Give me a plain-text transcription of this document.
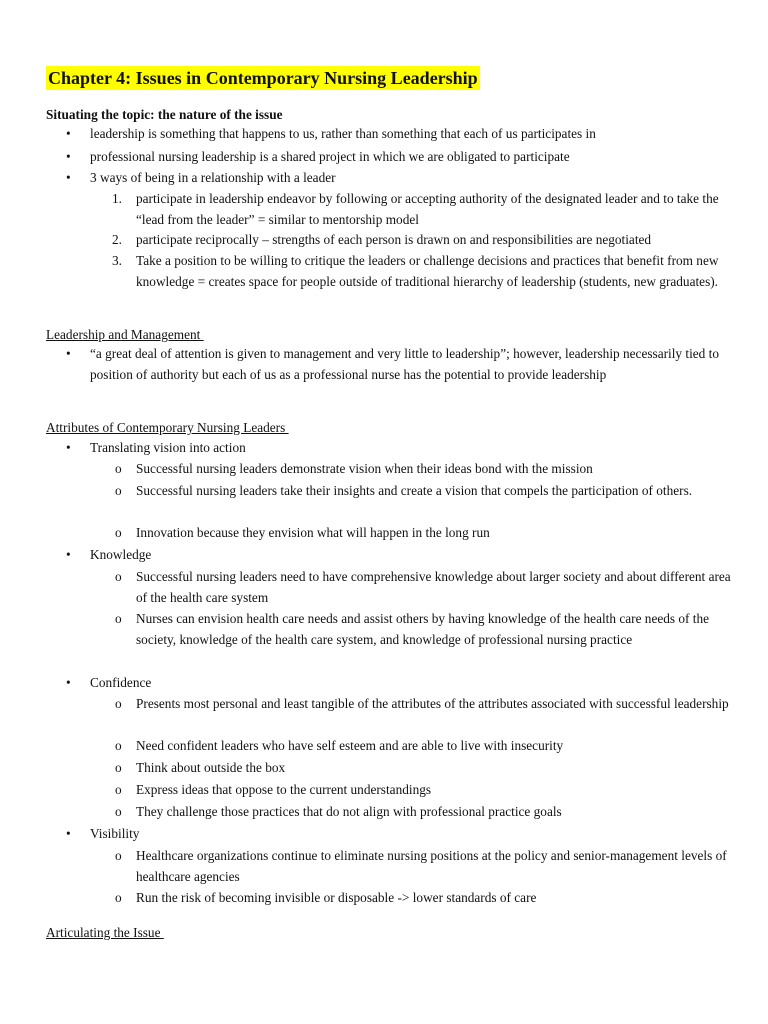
Chapter 4: Issues in Contemporary Nursing Leadership
Situating the topic: the nature of the issue
• leadership is something that happens to us, rather than something that each of us participates in
• professional nursing leadership is a shared project in which we are obligated to participate
• 3 ways of being in a relationship with a leader
1. participate in leadership endeavor by following or accepting authority of the designated leader and to take the “lead from the leader” = similar to mentorship model
2. participate reciprocally – strengths of each person is drawn on and responsibilities are negotiated
3. Take a position to be willing to critique the leaders or challenge decisions and practices that benefit from new knowledge = creates space for people outside of traditional hierarchy of leadership (students, new graduates).
Leadership and Management
• “a great deal of attention is given to management and very little to leadership”; however, leadership necessarily tied to position of authority but each of us as a professional nurse has the potential to provide leadership
Attributes of Contemporary Nursing Leaders
• Translating vision into action
o Successful nursing leaders demonstrate vision when their ideas bond with the mission
o Successful nursing leaders take their insights and create a vision that compels the participation of others.
o Innovation because they envision what will happen in the long run
• Knowledge
o Successful nursing leaders need to have comprehensive knowledge about larger society and about different area of the health care system
o Nurses can envision health care needs and assist others by having knowledge of the health care needs of the society, knowledge of the health care system, and knowledge of professional nursing practice
• Confidence
o Presents most personal and least tangible of the attributes of the attributes associated with successful leadership
o Need confident leaders who have self esteem and are able to live with insecurity
o Think about outside the box
o Express ideas that oppose to the current understandings
o They challenge those practices that do not align with professional practice goals
• Visibility
o Healthcare organizations continue to eliminate nursing positions at the policy and senior-management levels of healthcare agencies
o Run the risk of becoming invisible or disposable -> lower standards of care
Articulating the Issue
